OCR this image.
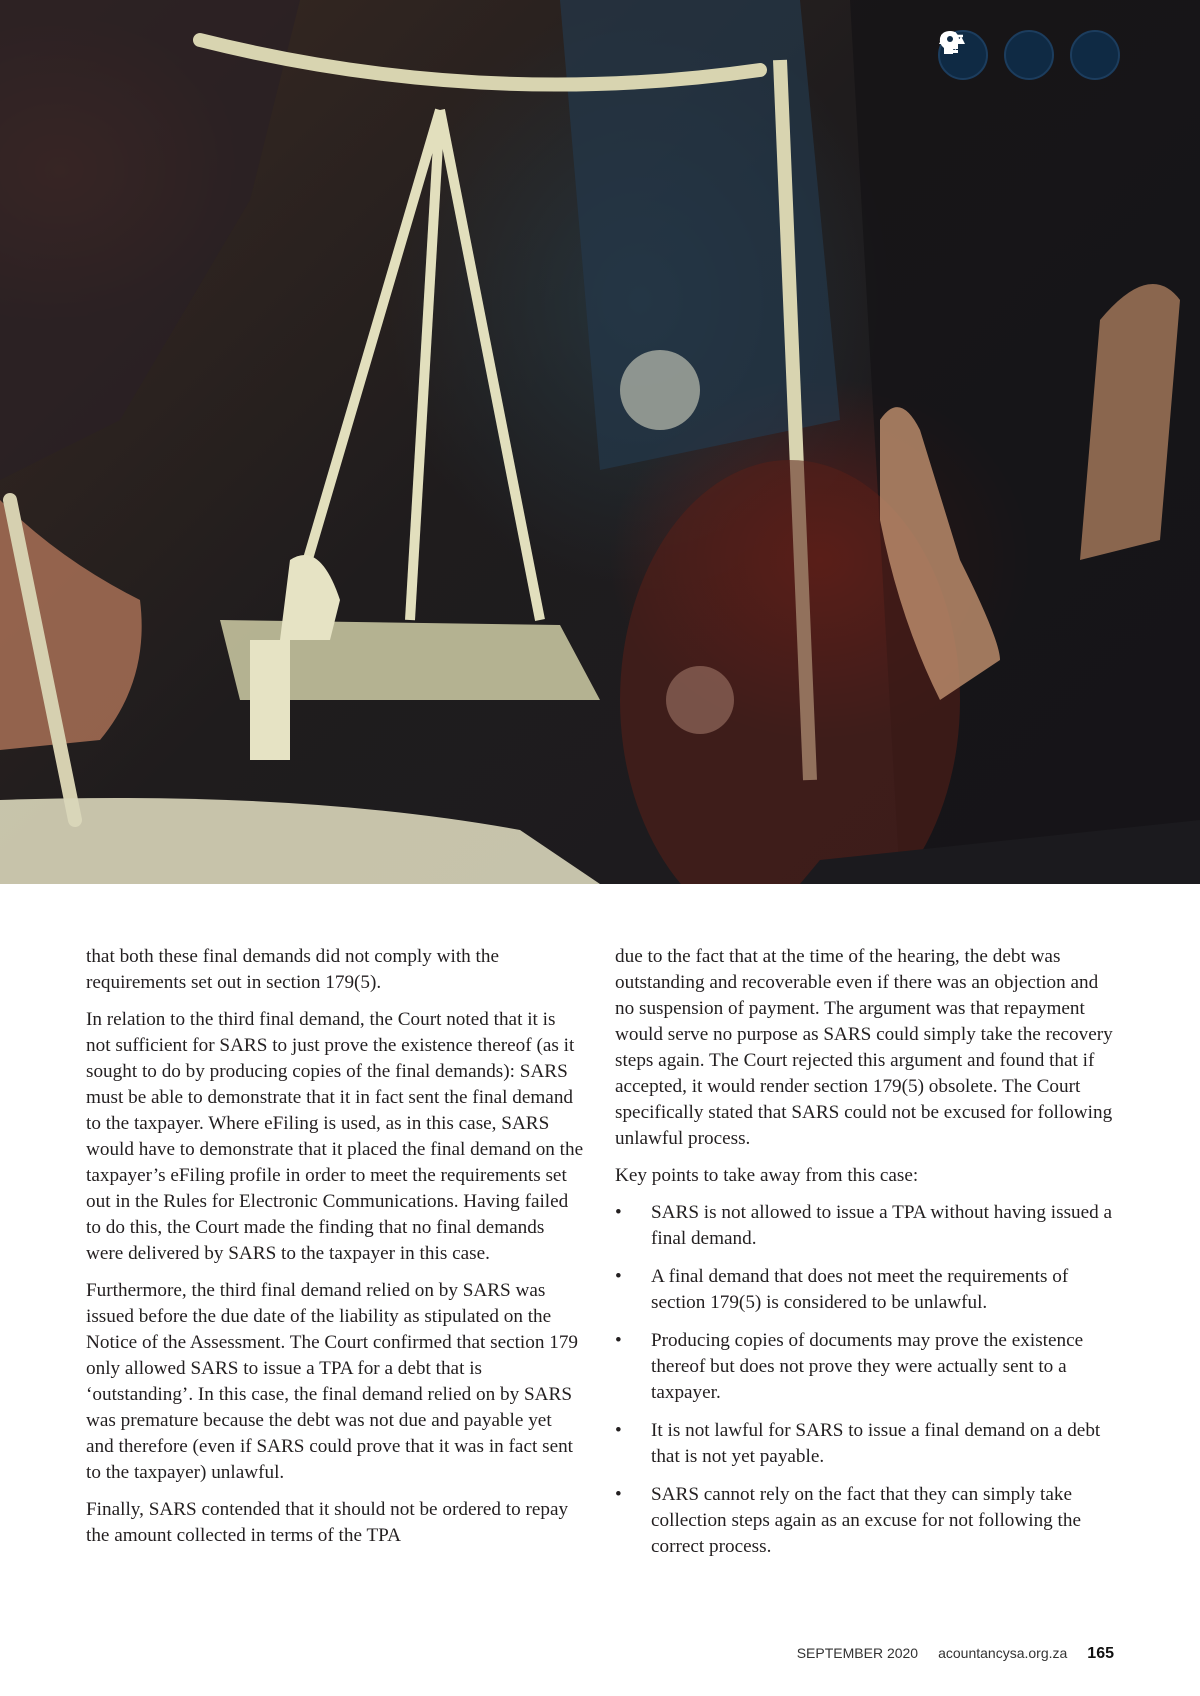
that both these final demands did not comply with the requirements set out in section 179(5).

In relation to the third final demand, the Court noted that it is not sufficient for SARS to just prove the existence thereof (as it sought to do by producing copies of the final demands): SARS must be able to demonstrate that it in fact sent the final demand to the taxpayer. Where eFiling is used, as in this case, SARS would have to demonstrate that it placed the final demand on the taxpayer’s eFiling profile in order to meet the requirements set out in the Rules for Electronic Communications. Having failed to do this, the Court made the finding that no final demands were delivered by SARS to the taxpayer in this case.

Furthermore, the third final demand relied on by SARS was issued before the due date of the liability as stipulated on the Notice of the Assessment. The Court confirmed that section 179 only allowed SARS to issue a TPA for a debt that is ‘outstanding’. In this case, the final demand relied on by SARS was premature because the debt was not due and payable yet and therefore (even if SARS could prove that it was in fact sent to the taxpayer) unlawful.

Finally, SARS contended that it should not be ordered to repay the amount collected in terms of the TPA

due to the fact that at the time of the hearing, the debt was outstanding and recoverable even if there was an objection and no suspension of payment. The argument was that repayment would serve no purpose as SARS could simply take the recovery steps again. The Court rejected this argument and found that if accepted, it would render section 179(5) obsolete. The Court specifically stated that SARS could not be excused for following unlawful process.

Key points to take away from this case:

• SARS is not allowed to issue a TPA without having issued a final demand.
• A final demand that does not meet the requirements of section 179(5) is considered to be unlawful.
• Producing copies of documents may prove the existence thereof but does not prove they were actually sent to a taxpayer.
• It is not lawful for SARS to issue a final demand on a debt that is not yet payable.
• SARS cannot rely on the fact that they can simply take collection steps again as an excuse for not following the correct process.
SEPTEMBER 2020 acountancysa.org.za 165
